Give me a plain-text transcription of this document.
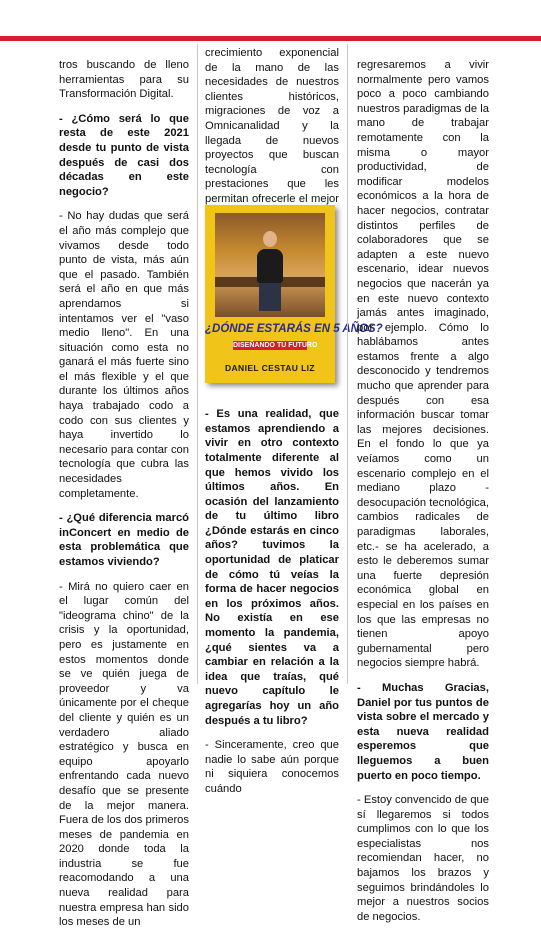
tros buscando de lleno herramientas para su Transformación Digital.

- ¿Cómo será lo que resta de este 2021 desde tu punto de vista después de casi dos décadas en este negocio?

- No hay dudas que será el año más complejo que vivamos desde todo punto de vista, más aún que el pasado. También será el año en que más aprendamos si intentamos ver el "vaso medio lleno". En una situación como esta no ganará el más fuerte sino el más flexible y el que durante los últimos años haya trabajado codo a codo con sus clientes y haya invertido lo necesario para contar con tecnología que cubra las necesidades completamente.

- ¿Qué diferencia marcó inConcert en medio de esta problemática que estamos viviendo?

- Mirá no quiero caer en el lugar común del "ideograma chino" de la crisis y la oportunidad, pero es justamente en estos momentos donde se ve quién juega de proveedor y va únicamente por el cheque del cliente y quién es un verdadero aliado estratégico y busca en equipo apoyarlo enfrentando cada nuevo desafío que se presente de la mejor manera. Fuera de los dos primeros meses de pandemia en 2020 donde toda la industria se fue reacomodando a una nueva realidad para nuestra empresa han sido los meses de un

crecimiento exponencial de la mano de las necesidades de nuestros clientes históricos, migraciones de voz a Omnicanalidad y la llegada de nuevos proyectos que buscan tecnología con prestaciones que les permitan ofrecerle el mejor

- Es una realidad, que estamos aprendiendo a vivir en otro contexto totalmente diferente al que hemos vivido los últimos años. En ocasión del lanzamiento de tu último libro ¿Dónde estarás en cinco años? tuvimos la oportunidad de platicar de cómo tú veías la forma de hacer negocios en los próximos años. No existía en ese momento la pandemia, ¿qué sientes va a cambiar en relación a la idea que traías, qué nuevo capítulo le agregarías hoy un año después a tu libro?

- Sinceramente, creo que nadie lo sabe aún porque ni siquiera conocemos cuándo

¿DÓNDE ESTARÁS EN 5 AÑOS?
DISEÑANDO TU FUTURO
DANIEL CESTAU LIZ

regresaremos a vivir normalmente pero vamos poco a poco cambiando nuestros paradigmas de la mano de trabajar remotamente con la misma o mayor productividad, de modificar modelos económicos a la hora de hacer negocios, contratar distintos perfiles de colaboradores que se adapten a este nuevo escenario, idear nuevos negocios que nacerán ya en este nuevo contexto jamás antes imaginado, por ejemplo. Cómo lo hablábamos antes estamos frente a algo desconocido y tendremos mucho que aprender para después con esa información buscar tomar las mejores decisiones. En el fondo lo que ya veíamos como un escenario complejo en el mediano plazo -desocupación tecnológica, cambios radicales de paradigmas laborales, etc.- se ha acelerado, a esto le deberemos sumar una fuerte depresión económica global en especial en los países en los que las empresas no tienen apoyo gubernamental pero negocios siempre habrá.

- Muchas Gracias, Daniel por tus puntos de vista sobre el mercado y esta nueva realidad esperemos que lleguemos a buen puerto en poco tiempo.

- Estoy convencido de que sí llegaremos si todos cumplimos con lo que los especialistas nos recomiendan hacer, no bajamos los brazos y seguimos brindándoles lo mejor a nuestros socios de negocios.
